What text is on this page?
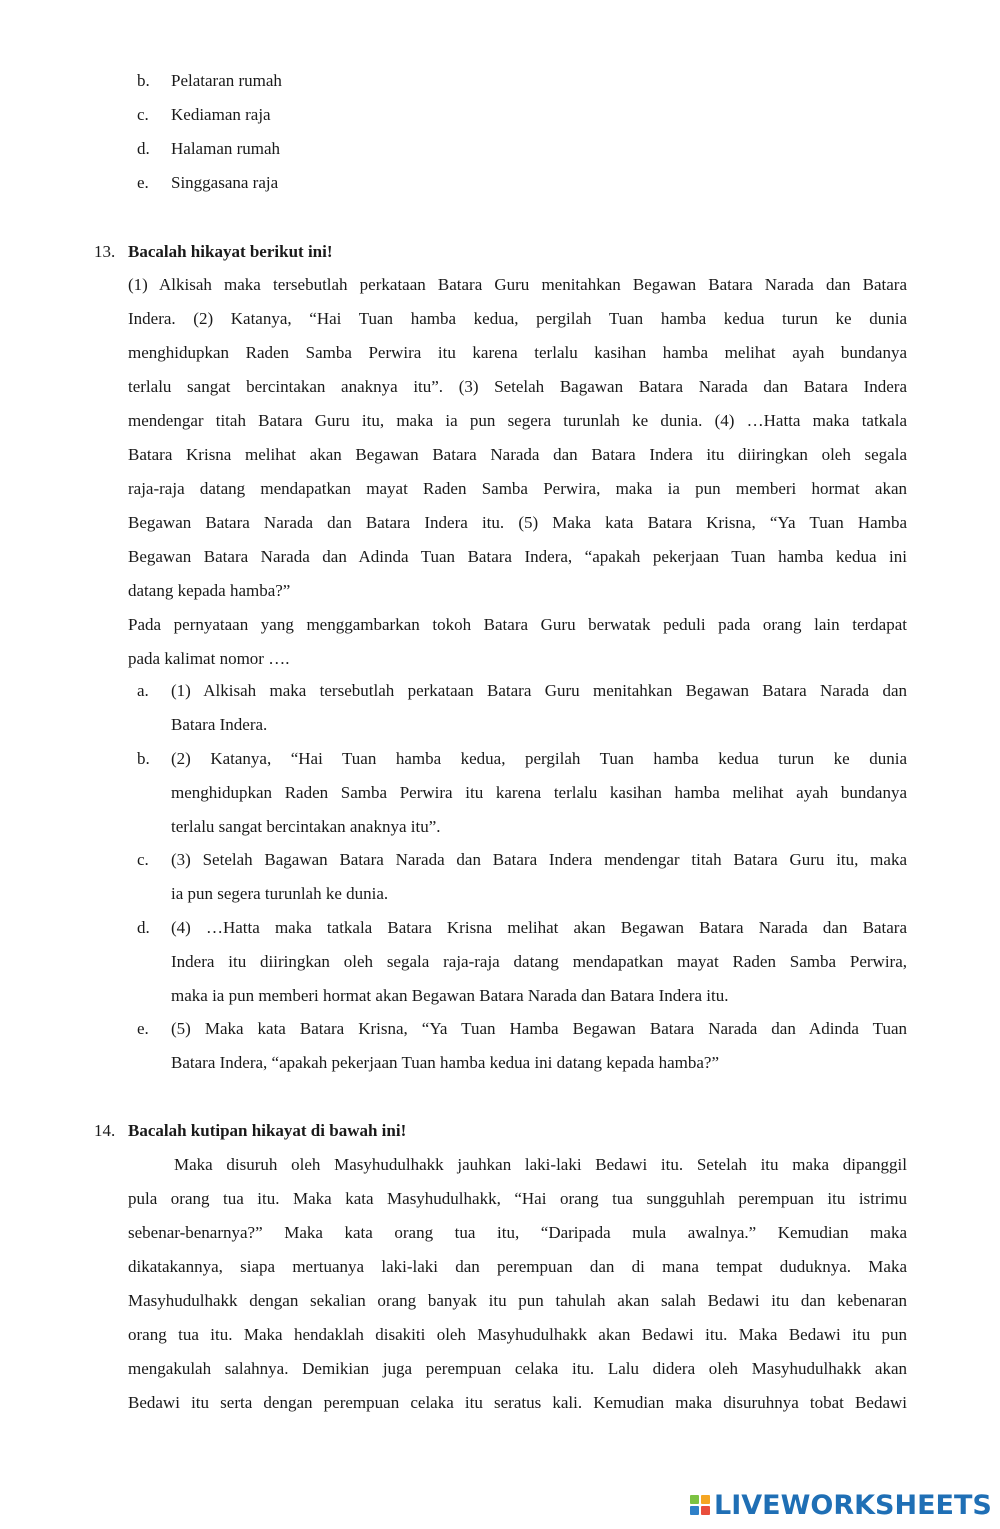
b. Pelataran rumah
c. Kediaman raja
d. Halaman rumah
e. Singgasana raja
13. Bacalah hikayat berikut ini!
(1) Alkisah maka tersebutlah perkataan Batara Guru menitahkan Begawan Batara Narada dan Batara
Indera. (2) Katanya, “Hai Tuan hamba kedua, pergilah Tuan hamba kedua turun ke dunia
menghidupkan Raden Samba Perwira itu karena terlalu kasihan hamba melihat ayah bundanya
terlalu sangat bercintakan anaknya itu”. (3) Setelah Bagawan Batara Narada dan Batara Indera
mendengar titah Batara Guru itu, maka ia pun segera turunlah ke dunia. (4) …Hatta maka tatkala
Batara Krisna melihat akan Begawan Batara Narada dan Batara Indera itu diiringkan oleh segala
raja-raja datang mendapatkan mayat Raden Samba Perwira, maka ia pun memberi hormat akan
Begawan Batara Narada dan Batara Indera itu. (5) Maka kata Batara Krisna, “Ya Tuan Hamba
Begawan Batara Narada dan Adinda Tuan Batara Indera, “apakah pekerjaan Tuan hamba kedua ini
datang kepada hamba?”
Pada pernyataan yang menggambarkan tokoh Batara Guru berwatak peduli pada orang lain terdapat
pada kalimat nomor ….
a. (1) Alkisah maka tersebutlah perkataan Batara Guru menitahkan Begawan Batara Narada dan
Batara Indera.
b. (2) Katanya, “Hai Tuan hamba kedua, pergilah Tuan hamba kedua turun ke dunia
menghidupkan Raden Samba Perwira itu karena terlalu kasihan hamba melihat ayah bundanya
terlalu sangat bercintakan anaknya itu”.
c. (3) Setelah Bagawan Batara Narada dan Batara Indera mendengar titah Batara Guru itu, maka
ia pun segera turunlah ke dunia.
d. (4) …Hatta maka tatkala Batara Krisna melihat akan Begawan Batara Narada dan Batara
Indera itu diiringkan oleh segala raja-raja datang mendapatkan mayat Raden Samba Perwira,
maka ia pun memberi hormat akan Begawan Batara Narada dan Batara Indera itu.
e. (5) Maka kata Batara Krisna, “Ya Tuan Hamba Begawan Batara Narada dan Adinda Tuan
Batara Indera, “apakah pekerjaan Tuan hamba kedua ini datang kepada hamba?”
14. Bacalah kutipan hikayat di bawah ini!
Maka disuruh oleh Masyhudulhakk jauhkan laki-laki Bedawi itu. Setelah itu maka dipanggil
pula orang tua itu. Maka kata Masyhudulhakk, “Hai orang tua sungguhlah perempuan itu istrimu
sebenar-benarnya?” Maka kata orang tua itu, “Daripada mula awalnya.” Kemudian maka
dikatakannya, siapa mertuanya laki-laki dan perempuan dan di mana tempat duduknya. Maka
Masyhudulhakk dengan sekalian orang banyak itu pun tahulah akan salah Bedawi itu dan kebenaran
orang tua itu. Maka hendaklah disakiti oleh Masyhudulhakk akan Bedawi itu. Maka Bedawi itu pun
mengakulah salahnya. Demikian juga perempuan celaka itu. Lalu didera oleh Masyhudulhakk akan
Bedawi itu serta dengan perempuan celaka itu seratus kali. Kemudian maka disuruhnya tobat Bedawi
LIVEWORKSHEETS
